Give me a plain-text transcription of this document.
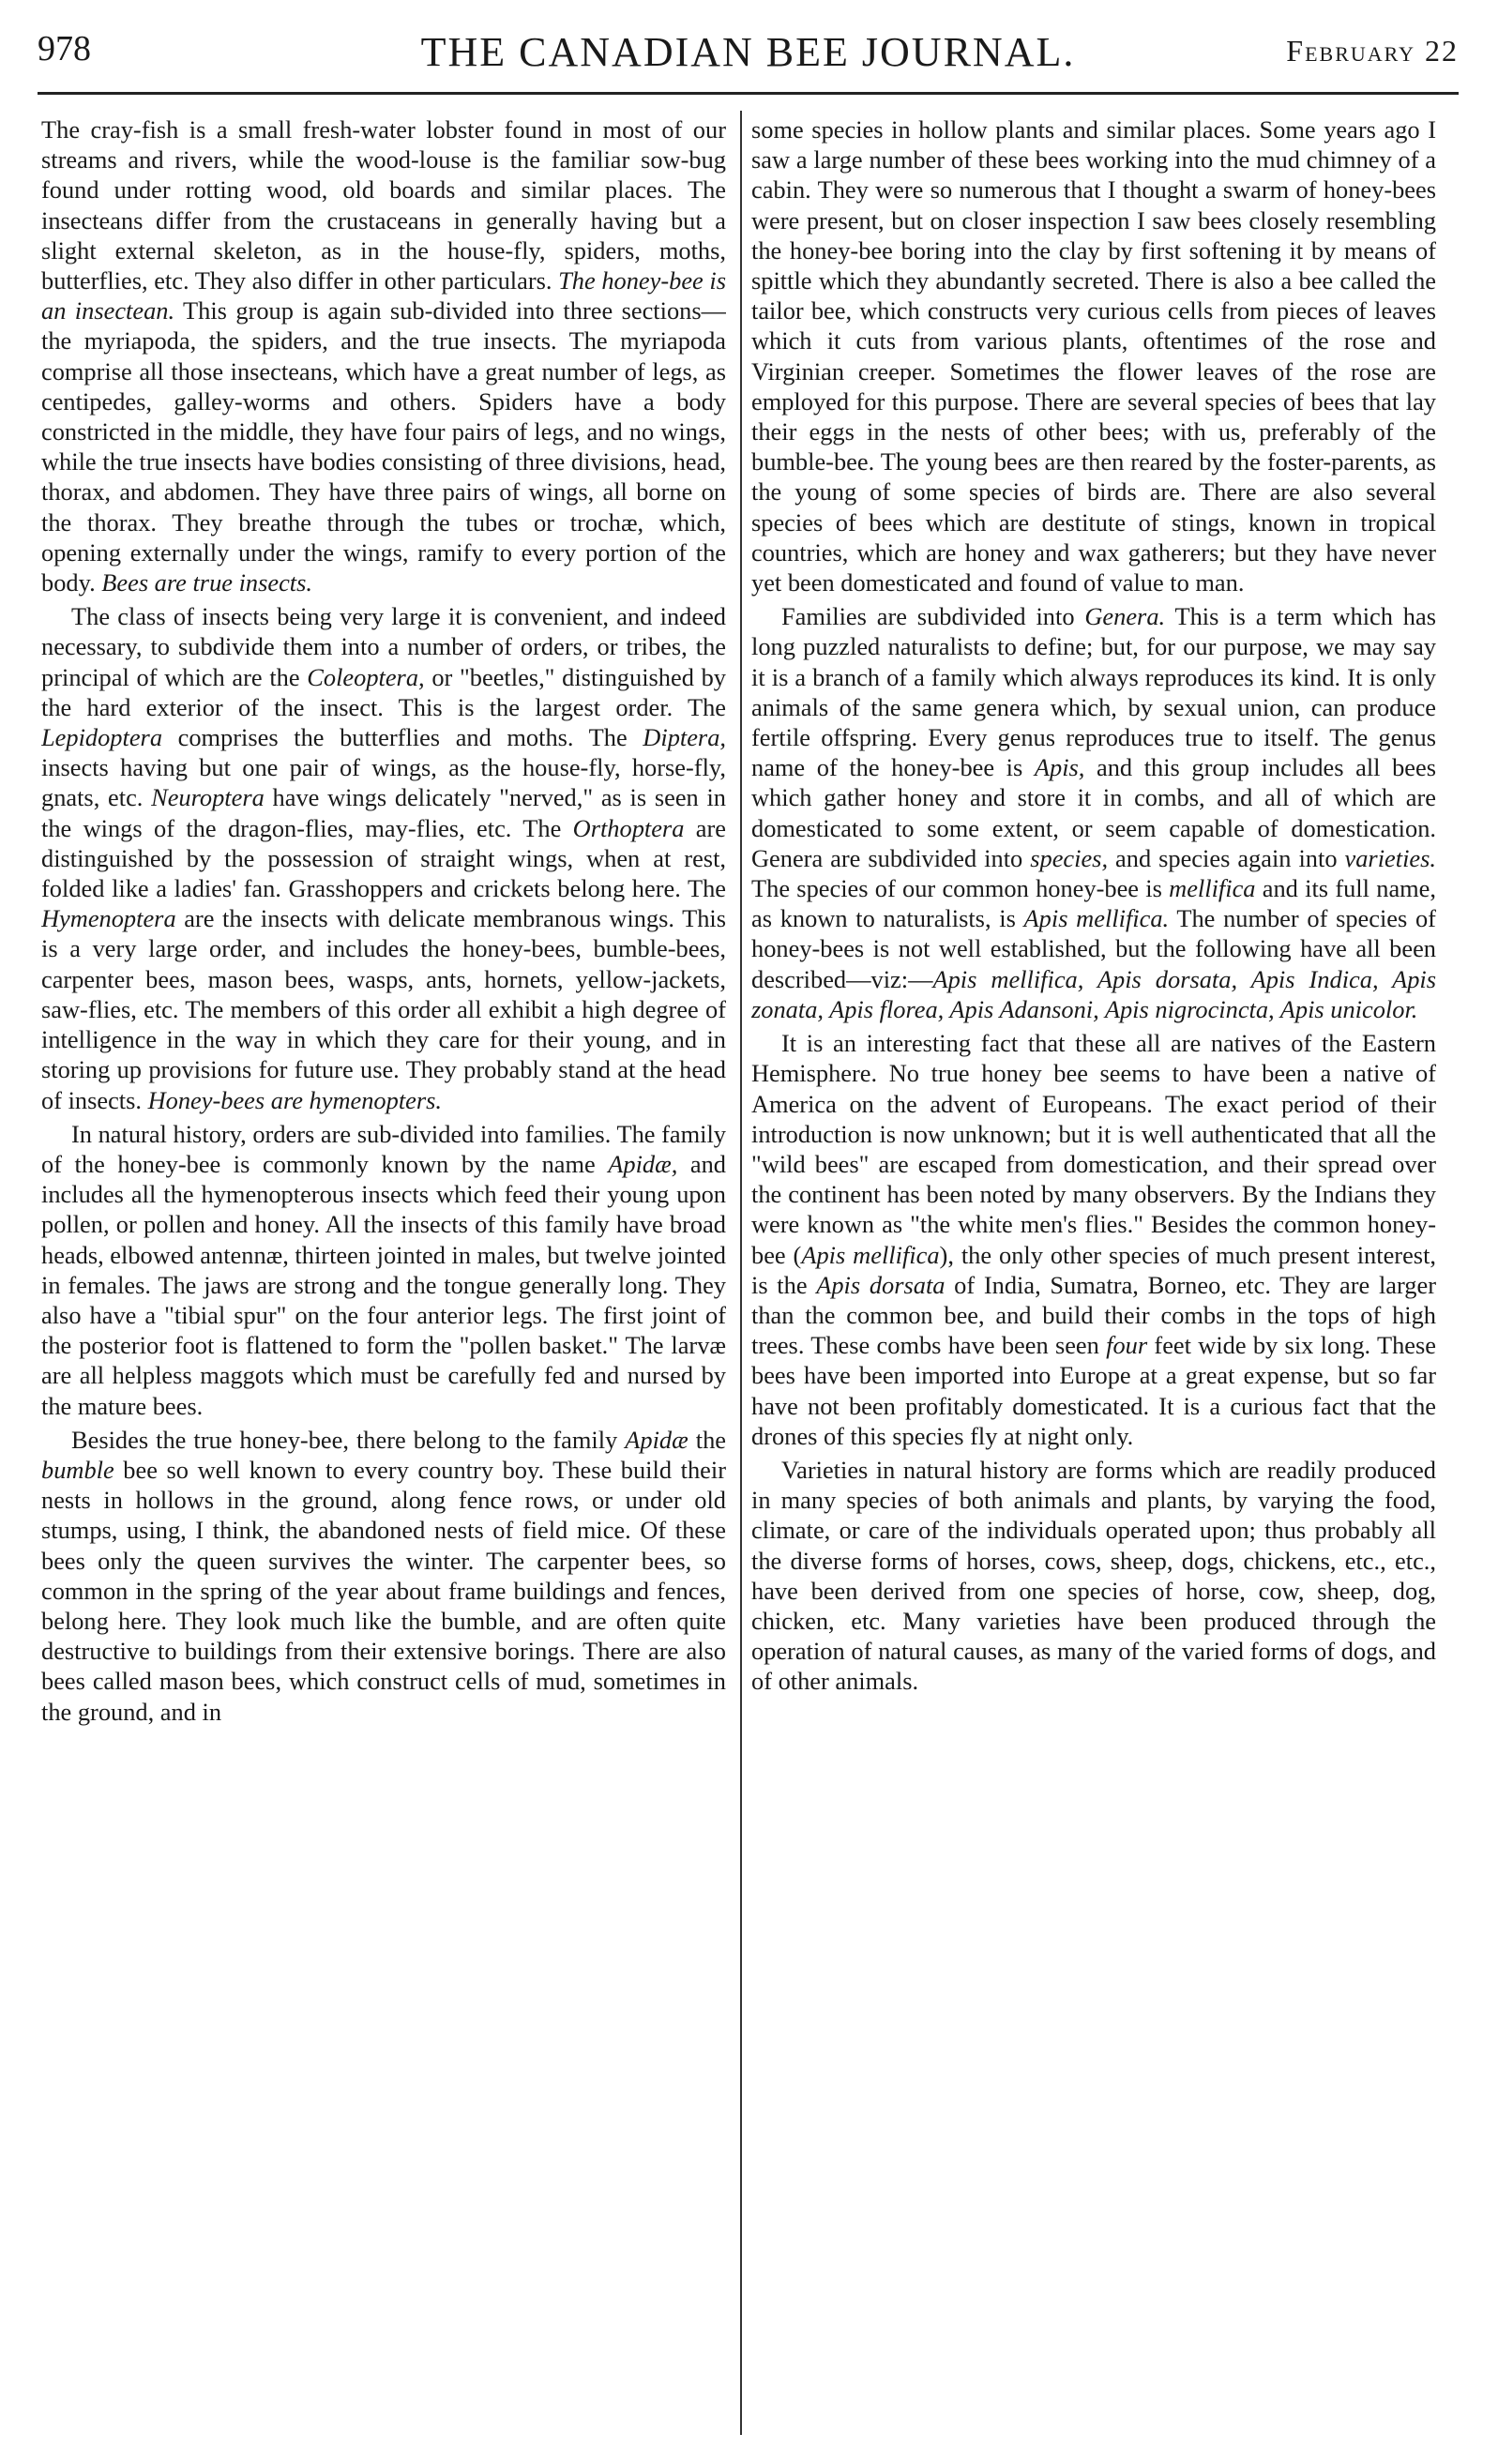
978	THE CANADIAN BEE JOURNAL.	February 22

The cray-fish is a small fresh-water lobster found in most of our streams and rivers, while the wood-louse is the familiar sow-bug found under rotting wood, old boards and similar places. The insecteans differ from the crustaceans in generally having but a slight external skeleton, as in the house-fly, spiders, moths, butterflies, etc. They also differ in other particulars. The honey-bee is an insectean. This group is again sub-divided into three sections—the myriapoda, the spiders, and the true insects. The myriapoda comprise all those insecteans, which have a great number of legs, as centipedes, galley-worms and others. Spiders have a body constricted in the middle, they have four pairs of legs, and no wings, while the true insects have bodies consisting of three divisions, head, thorax, and abdomen. They have three pairs of wings, all borne on the thorax. They breathe through the tubes or trochæ, which, opening externally under the wings, ramify to every portion of the body. Bees are true insects.

The class of insects being very large it is convenient, and indeed necessary, to subdivide them into a number of orders, or tribes, the principal of which are the Coleoptera, or "beetles," distinguished by the hard exterior of the insect. This is the largest order. The Lepidoptera comprises the butterflies and moths. The Diptera, insects having but one pair of wings, as the house-fly, horse-fly, gnats, etc. Neuroptera have wings delicately "nerved," as is seen in the wings of the dragon-flies, may-flies, etc. The Orthoptera are distinguished by the possession of straight wings, when at rest, folded like a ladies' fan. Grasshoppers and crickets belong here. The Hymenoptera are the insects with delicate membranous wings. This is a very large order, and includes the honey-bees, bumble-bees, carpenter bees, mason bees, wasps, ants, hornets, yellow-jackets, saw-flies, etc. The members of this order all exhibit a high degree of intelligence in the way in which they care for their young, and in storing up provisions for future use. They probably stand at the head of insects. Honey-bees are hymenopters.

In natural history, orders are sub-divided into families. The family of the honey-bee is commonly known by the name Apidæ, and includes all the hymenopterous insects which feed their young upon pollen, or pollen and honey. All the insects of this family have broad heads, elbowed antennæ, thirteen jointed in males, but twelve jointed in females. The jaws are strong and the tongue generally long. They also have a "tibial spur" on the four anterior legs. The first joint of the posterior foot is flattened to form the "pollen basket." The larvæ are all helpless maggots which must be carefully fed and nursed by the mature bees.

Besides the true honey-bee, there belong to the family Apidæ the bumble bee so well known to every country boy. These build their nests in hollows in the ground, along fence rows, or under old stumps, using, I think, the abandoned nests of field mice. Of these bees only the queen survives the winter. The carpenter bees, so common in the spring of the year about frame buildings and fences, belong here. They look much like the bumble, and are often quite destructive to buildings from their extensive borings. There are also bees called mason bees, which construct cells of mud, sometimes in the ground, and in

some species in hollow plants and similar places. Some years ago I saw a large number of these bees working into the mud chimney of a cabin. They were so numerous that I thought a swarm of honey-bees were present, but on closer inspection I saw bees closely resembling the honey-bee boring into the clay by first softening it by means of spittle which they abundantly secreted. There is also a bee called the tailor bee, which constructs very curious cells from pieces of leaves which it cuts from various plants, oftentimes of the rose and Virginian creeper. Sometimes the flower leaves of the rose are employed for this purpose. There are several species of bees that lay their eggs in the nests of other bees; with us, preferably of the bumble-bee. The young bees are then reared by the foster-parents, as the young of some species of birds are. There are also several species of bees which are destitute of stings, known in tropical countries, which are honey and wax gatherers; but they have never yet been domesticated and found of value to man.

Families are subdivided into Genera. This is a term which has long puzzled naturalists to define; but, for our purpose, we may say it is a branch of a family which always reproduces its kind. It is only animals of the same genera which, by sexual union, can produce fertile offspring. Every genus reproduces true to itself. The genus name of the honey-bee is Apis, and this group includes all bees which gather honey and store it in combs, and all of which are domesticated to some extent, or seem capable of domestication. Genera are subdivided into species, and species again into varieties. The species of our common honey-bee is mellifica and its full name, as known to naturalists, is Apis mellifica. The number of species of honey-bees is not well established, but the following have all been described—viz:—Apis mellifica, Apis dorsata, Apis Indica, Apis zonata, Apis florea, Apis Adansoni, Apis nigrocincta, Apis unicolor.

It is an interesting fact that these all are natives of the Eastern Hemisphere. No true honey bee seems to have been a native of America on the advent of Europeans. The exact period of their introduction is now unknown; but it is well authenticated that all the "wild bees" are escaped from domestication, and their spread over the continent has been noted by many observers. By the Indians they were known as "the white men's flies." Besides the common honey-bee (Apis mellifica), the only other species of much present interest, is the Apis dorsata of India, Sumatra, Borneo, etc. They are larger than the common bee, and build their combs in the tops of high trees. These combs have been seen four feet wide by six long. These bees have been imported into Europe at a great expense, but so far have not been profitably domesticated. It is a curious fact that the drones of this species fly at night only.

Varieties in natural history are forms which are readily produced in many species of both animals and plants, by varying the food, climate, or care of the individuals operated upon; thus probably all the diverse forms of horses, cows, sheep, dogs, chickens, etc., etc., have been derived from one species of horse, cow, sheep, dog, chicken, etc. Many varieties have been produced through the operation of natural causes, as many of the varied forms of dogs, and of other animals.
